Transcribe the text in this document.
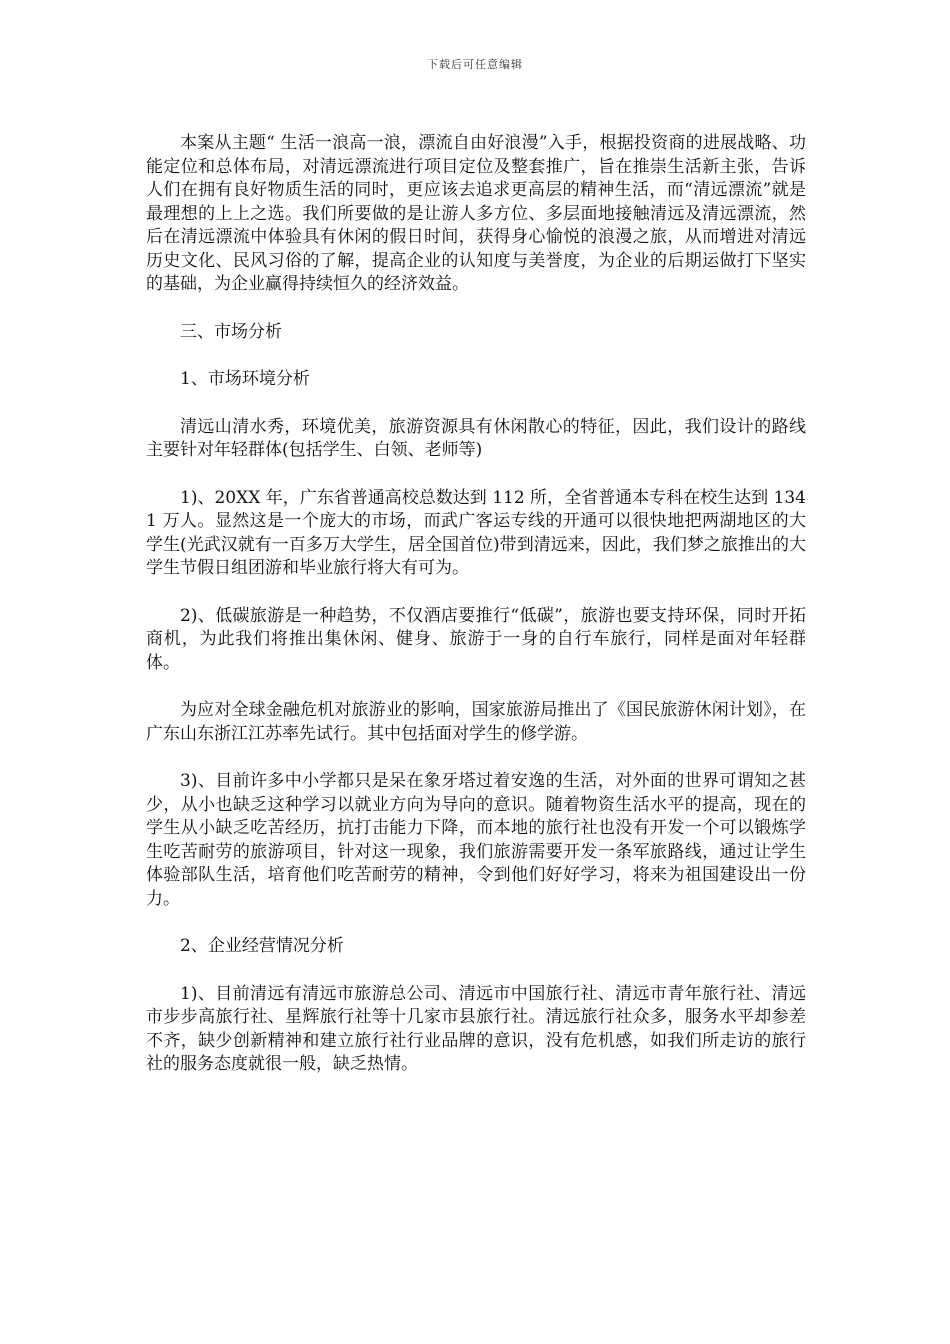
下载后可任意编辑

本案从主题“ 生活一浪高一浪，漂流自由好浪漫”入手，根据投资商的进展战略、功能定位和总体布局，对清远漂流进行项目定位及整套推广，旨在推崇生活新主张，告诉人们在拥有良好物质生活的同时，更应该去追求更高层的精神生活，而“清远漂流”就是最理想的上上之选。我们所要做的是让游人多方位、多层面地接触清远及清远漂流，然后在清远漂流中体验具有休闲的假日时间，获得身心愉悦的浪漫之旅，从而增进对清远历史文化、民风习俗的了解，提高企业的认知度与美誉度，为企业的后期运做打下坚实的基础，为企业赢得持续恒久的经济效益。

三、市场分析

1、市场环境分析

清远山清水秀，环境优美，旅游资源具有休闲散心的特征，因此，我们设计的路线主要针对年轻群体(包括学生、白领、老师等)

1)、20XX 年，广东省普通高校总数达到 112 所，全省普通本专科在校生达到 1341 万人。显然这是一个庞大的市场，而武广客运专线的开通可以很快地把两湖地区的大学生(光武汉就有一百多万大学生，居全国首位)带到清远来，因此，我们梦之旅推出的大学生节假日组团游和毕业旅行将大有可为。

2)、低碳旅游是一种趋势，不仅酒店要推行“低碳”，旅游也要支持环保，同时开拓商机，为此我们将推出集休闲、健身、旅游于一身的自行车旅行，同样是面对年轻群体。

为应对全球金融危机对旅游业的影响，国家旅游局推出了《国民旅游休闲计划》，在广东山东浙江江苏率先试行。其中包括面对学生的修学游。

3)、目前许多中小学都只是呆在象牙塔过着安逸的生活，对外面的世界可谓知之甚少，从小也缺乏这种学习以就业方向为导向的意识。随着物资生活水平的提高，现在的学生从小缺乏吃苦经历，抗打击能力下降，而本地的旅行社也没有开发一个可以锻炼学生吃苦耐劳的旅游项目，针对这一现象，我们旅游需要开发一条军旅路线，通过让学生体验部队生活，培育他们吃苦耐劳的精神，令到他们好好学习，将来为祖国建设出一份力。

2、企业经营情况分析

1)、目前清远有清远市旅游总公司、清远市中国旅行社、清远市青年旅行社、清远市步步高旅行社、星辉旅行社等十几家市县旅行社。清远旅行社众多，服务水平却参差不齐，缺少创新精神和建立旅行社行业品牌的意识，没有危机感，如我们所走访的旅行社的服务态度就很一般，缺乏热情。
